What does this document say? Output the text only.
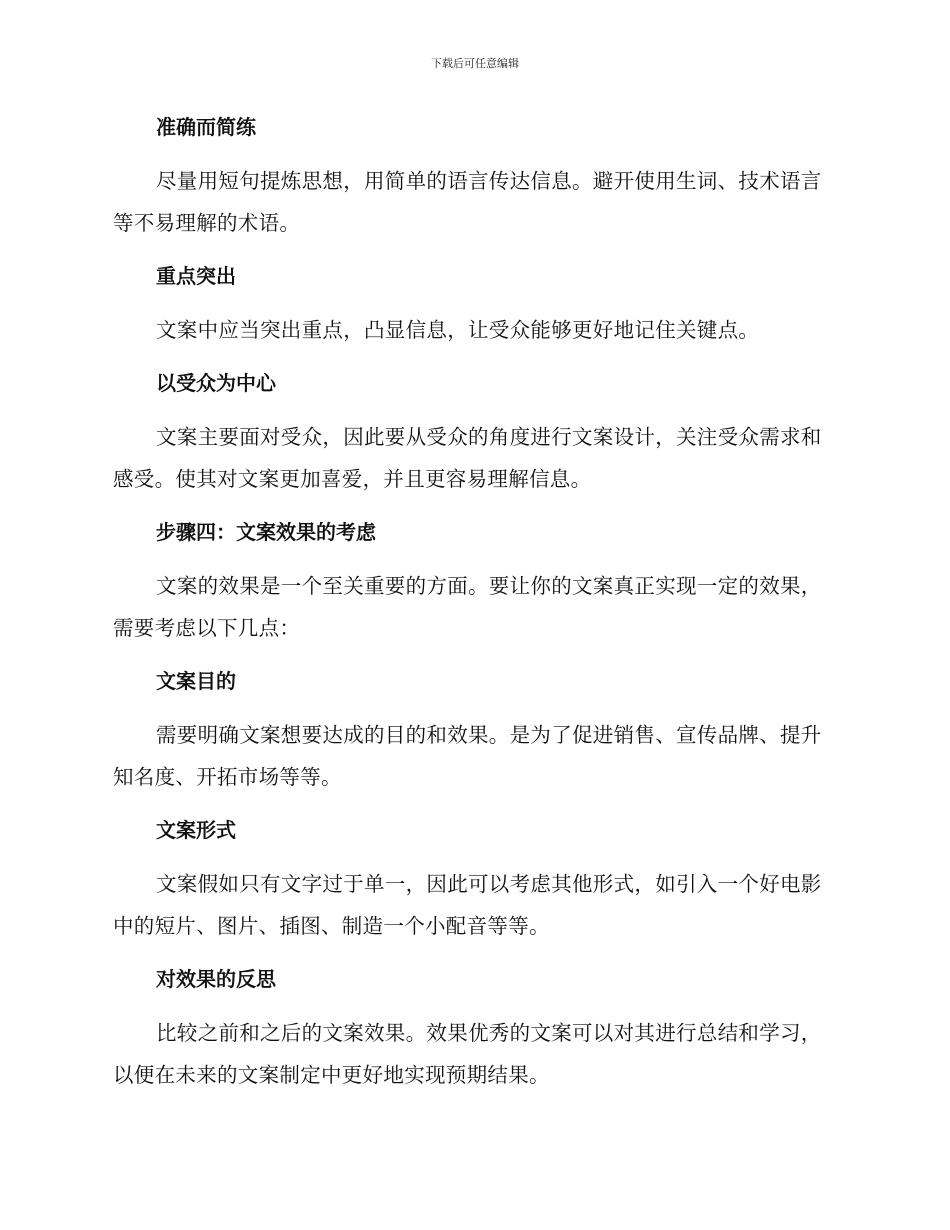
下载后可任意编辑
准确而简练
尽量用短句提炼思想，用简单的语言传达信息。避开使用生词、技术语言等不易理解的术语。
重点突出
文案中应当突出重点，凸显信息，让受众能够更好地记住关键点。
以受众为中心
文案主要面对受众，因此要从受众的角度进行文案设计，关注受众需求和感受。使其对文案更加喜爱，并且更容易理解信息。
步骤四：文案效果的考虑
文案的效果是一个至关重要的方面。要让你的文案真正实现一定的效果，需要考虑以下几点：
文案目的
需要明确文案想要达成的目的和效果。是为了促进销售、宣传品牌、提升知名度、开拓市场等等。
文案形式
文案假如只有文字过于单一，因此可以考虑其他形式，如引入一个好电影中的短片、图片、插图、制造一个小配音等等。
对效果的反思
比较之前和之后的文案效果。效果优秀的文案可以对其进行总结和学习，以便在未来的文案制定中更好地实现预期结果。
